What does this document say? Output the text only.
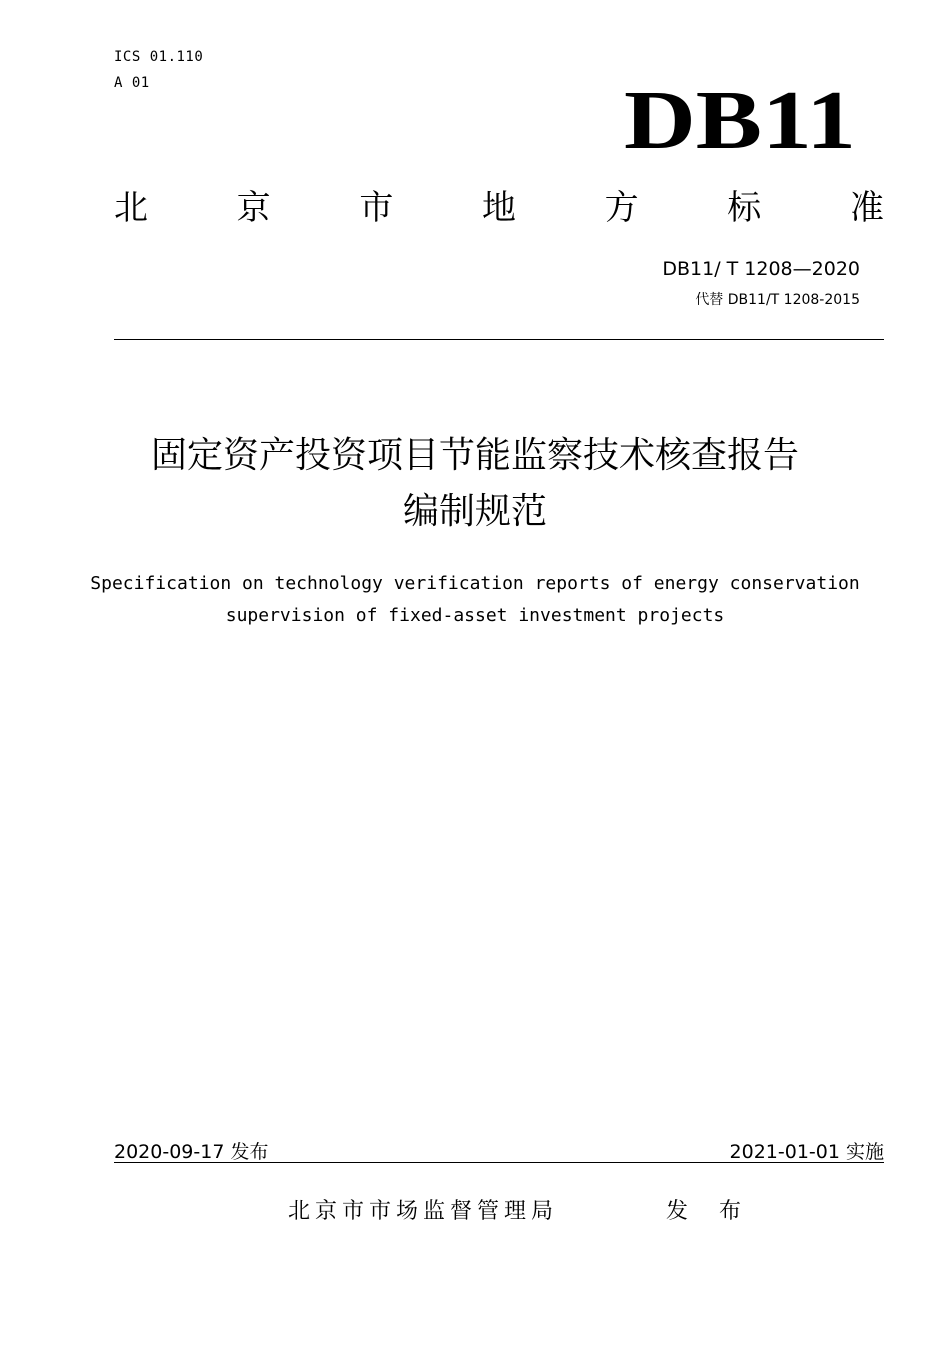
ICS 01.110
A 01	DB11
北	京	市	地	方	标	准
DB11/ T 1208—2020
代替 DB11/T 1208-2015
固定资产投资项目节能监察技术核查报告
编制规范
Specification on technology verification reports of energy conservation
supervision of fixed-asset investment projects
2020-09-17 发布	2021-01-01 实施
北京市市场监督管理局	发 布
